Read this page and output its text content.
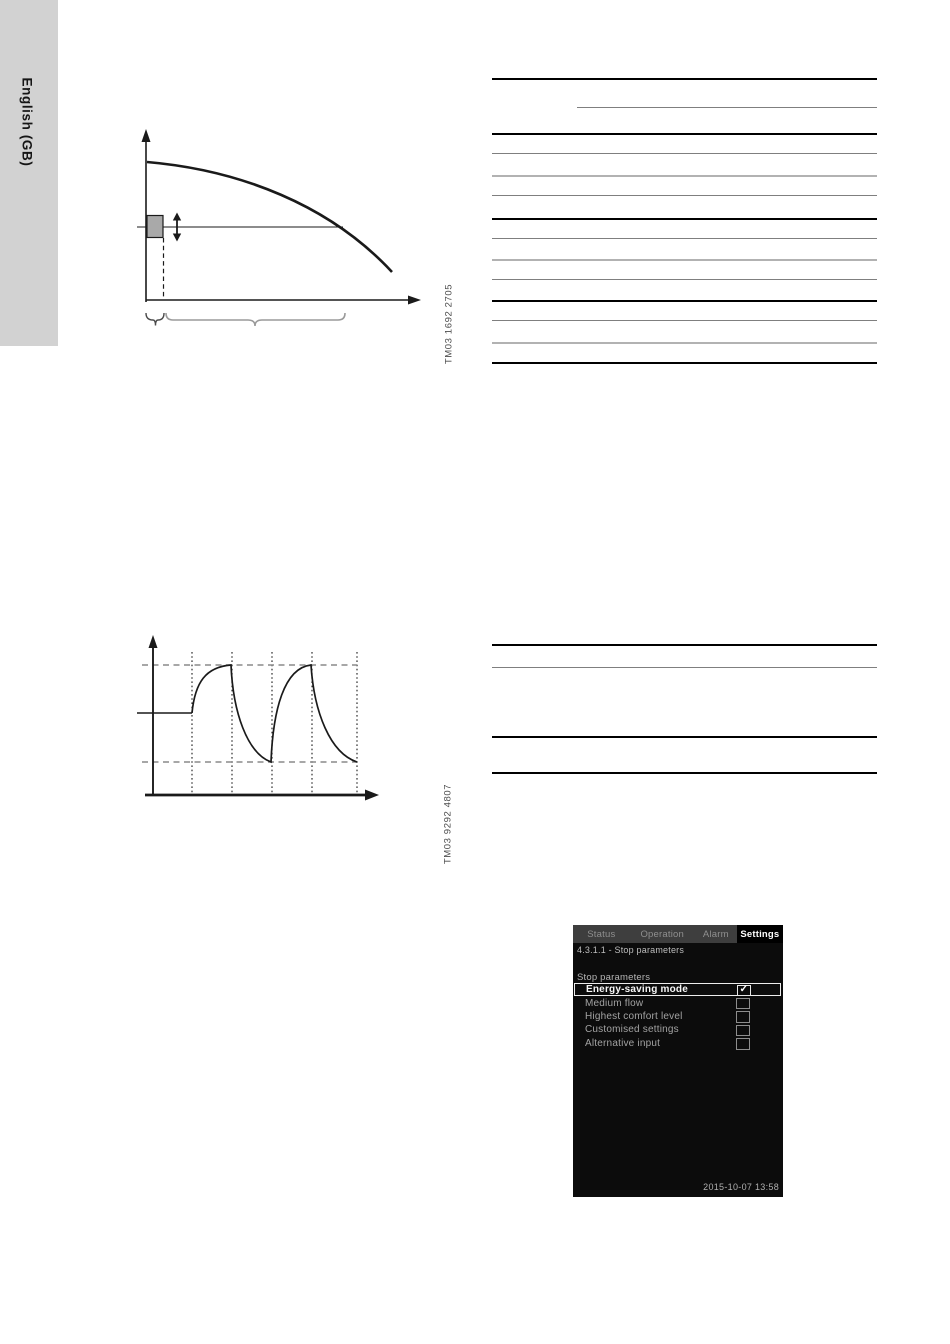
English (GB)
TM03 1692 2705
TM03 9292 4807
Status	Operation	Alarm	Settings
4.3.1.1 - Stop parameters
Stop parameters
Energy-saving mode	✓
Medium flow
Highest comfort level
Customised settings
Alternative input
2015-10-07 13:58
